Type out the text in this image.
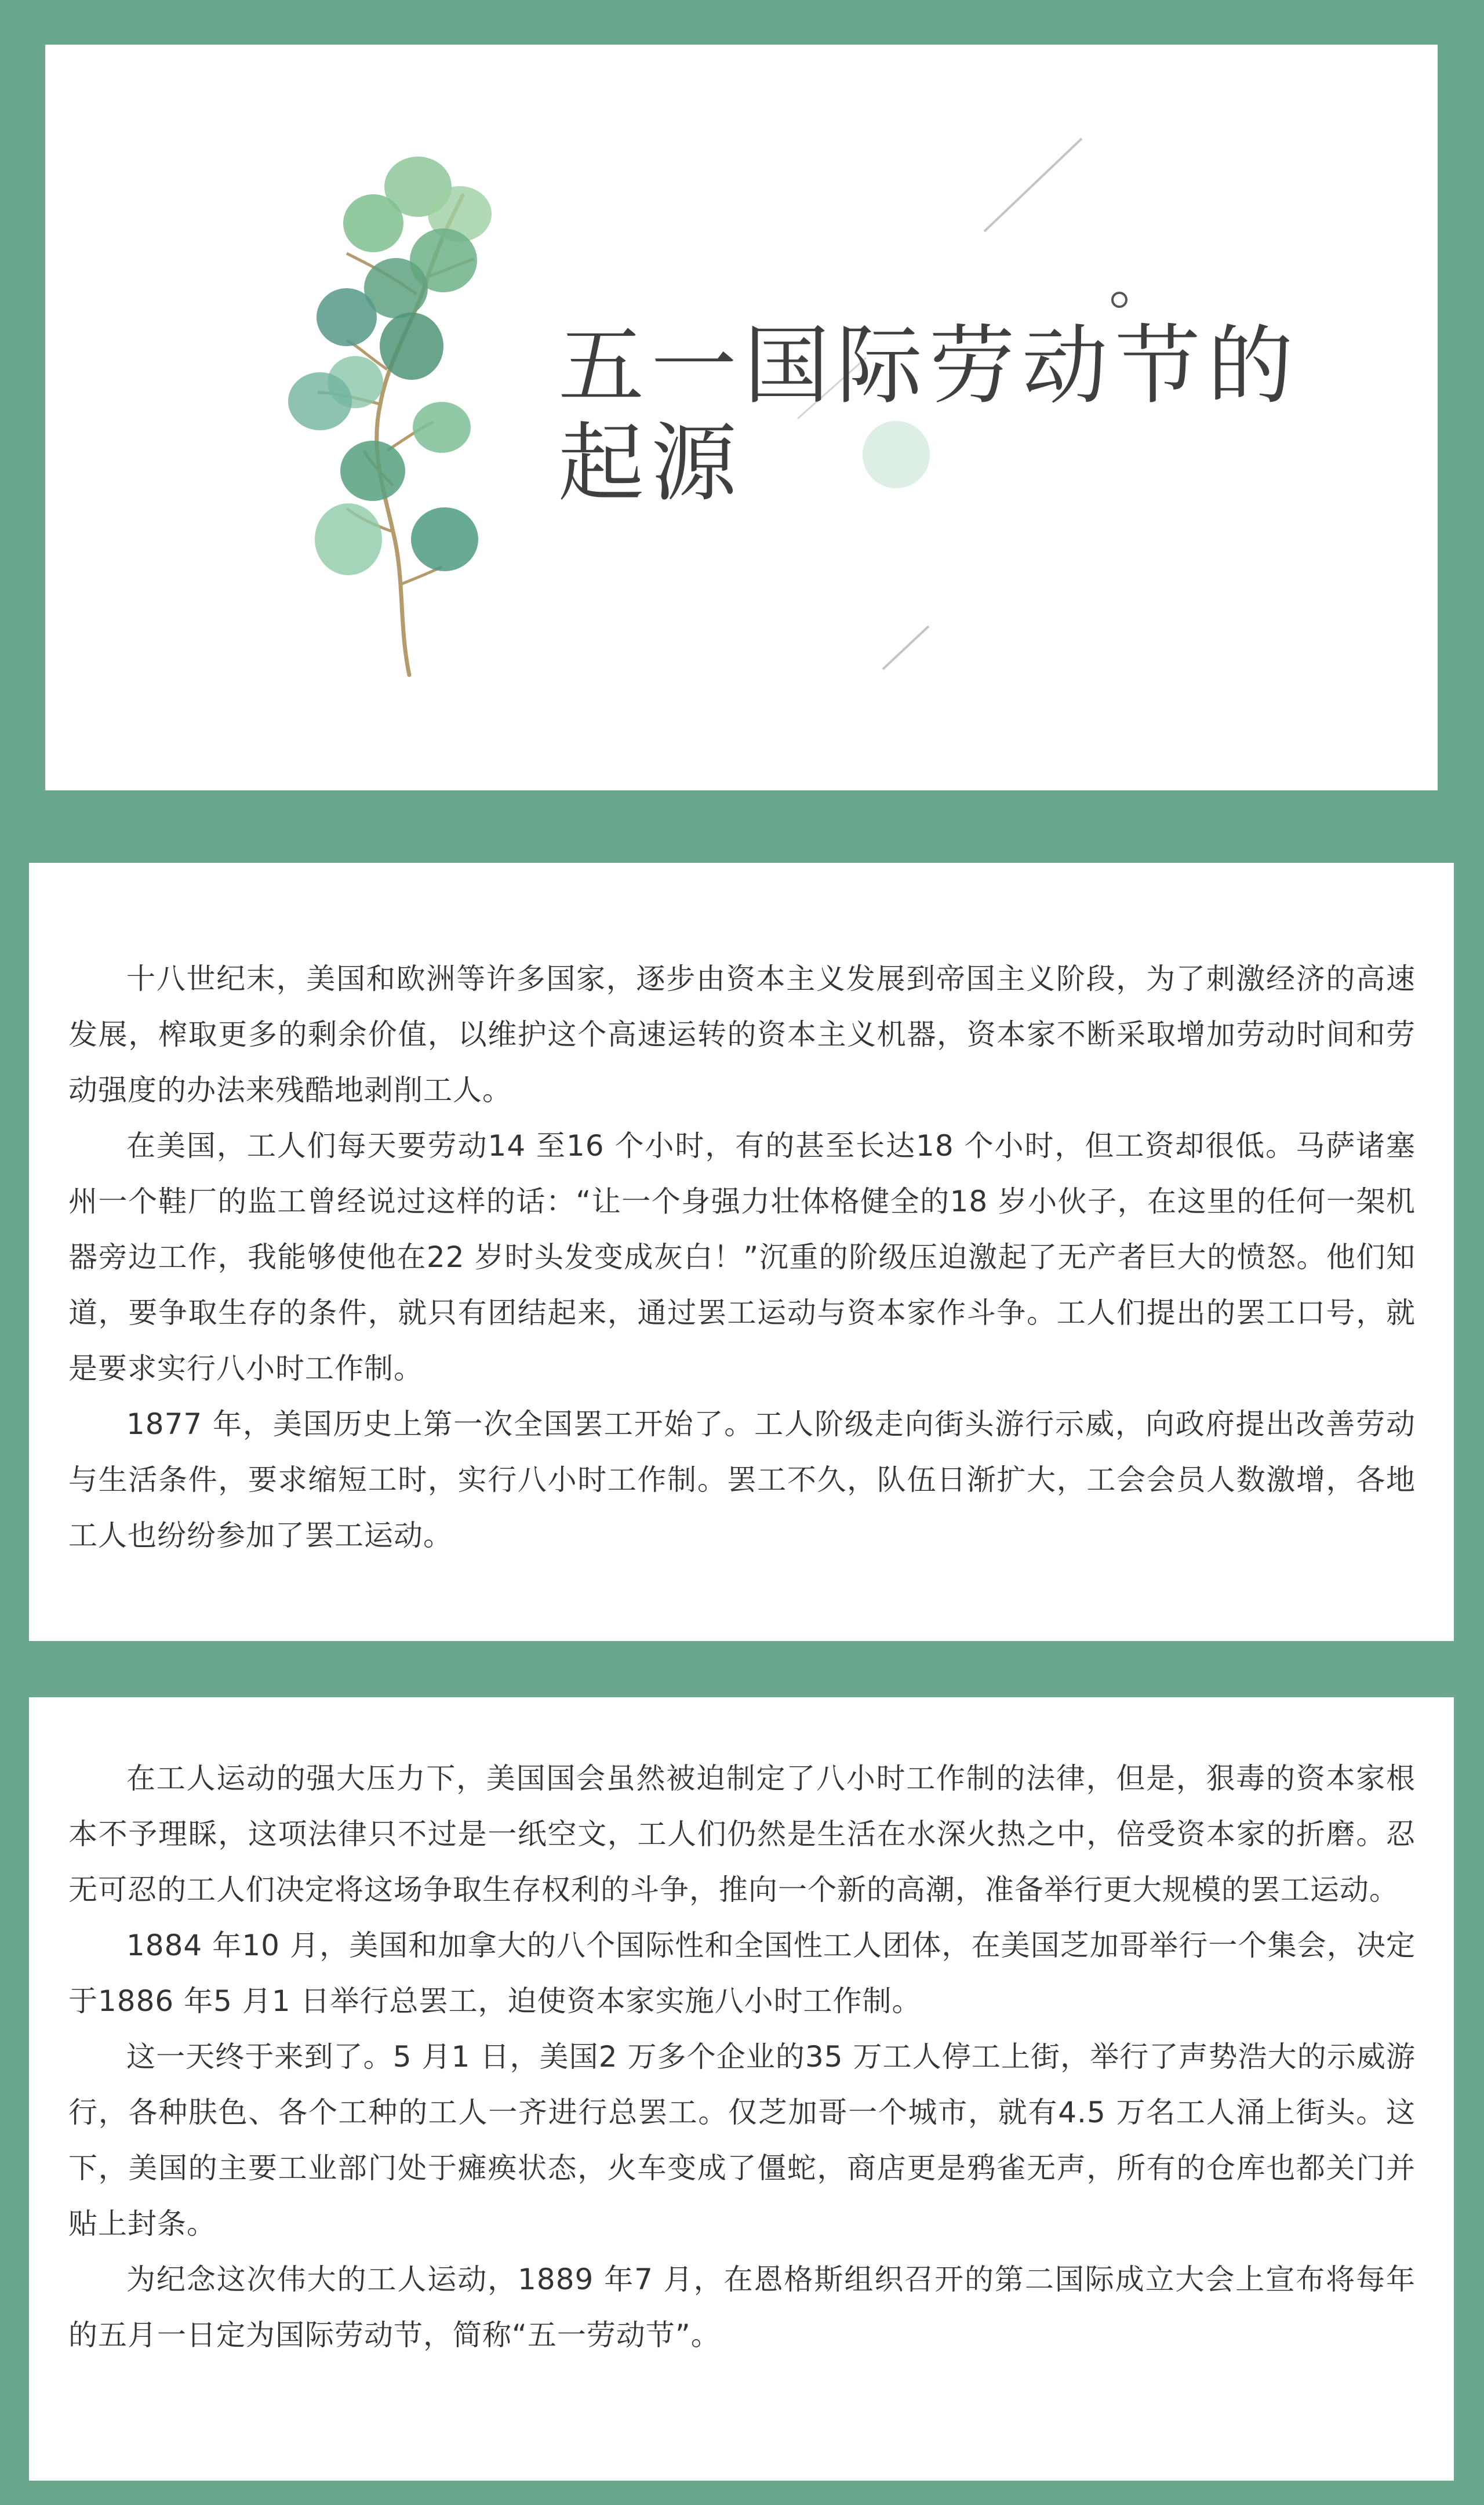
五一国际劳动节的
起源

十八世纪末，美国和欧洲等许多国家，逐步由资本主义发展到帝国主义阶段，为了刺激经济的高速发展，榨取更多的剩余价值，以维护这个高速运转的资本主义机器，资本家不断采取增加劳动时间和劳动强度的办法来残酷地剥削工人。

在美国，工人们每天要劳动14 至16 个小时，有的甚至长达18 个小时，但工资却很低。马萨诸塞州一个鞋厂的监工曾经说过这样的话：“让一个身强力壮体格健全的18 岁小伙子，在这里的任何一架机器旁边工作，我能够使他在22 岁时头发变成灰白！”沉重的阶级压迫激起了无产者巨大的愤怒。他们知道，要争取生存的条件，就只有团结起来，通过罢工运动与资本家作斗争。工人们提出的罢工口号，就是要求实行八小时工作制。

1877 年，美国历史上第一次全国罢工开始了。工人阶级走向街头游行示威，向政府提出改善劳动与生活条件，要求缩短工时，实行八小时工作制。罢工不久，队伍日渐扩大，工会会员人数激增，各地工人也纷纷参加了罢工运动。

在工人运动的强大压力下，美国国会虽然被迫制定了八小时工作制的法律，但是，狠毒的资本家根本不予理睬，这项法律只不过是一纸空文，工人们仍然是生活在水深火热之中，倍受资本家的折磨。忍无可忍的工人们决定将这场争取生存权利的斗争，推向一个新的高潮，准备举行更大规模的罢工运动。

1884 年10 月，美国和加拿大的八个国际性和全国性工人团体，在美国芝加哥举行一个集会，决定于1886 年5 月1 日举行总罢工，迫使资本家实施八小时工作制。

这一天终于来到了。5 月1 日，美国2 万多个企业的35 万工人停工上街，举行了声势浩大的示威游行，各种肤色、各个工种的工人一齐进行总罢工。仅芝加哥一个城市，就有4.5 万名工人涌上街头。这下，美国的主要工业部门处于瘫痪状态，火车变成了僵蛇，商店更是鸦雀无声，所有的仓库也都关门并贴上封条。

为纪念这次伟大的工人运动，1889 年7 月，在恩格斯组织召开的第二国际成立大会上宣布将每年的五月一日定为国际劳动节，简称“五一劳动节”。
